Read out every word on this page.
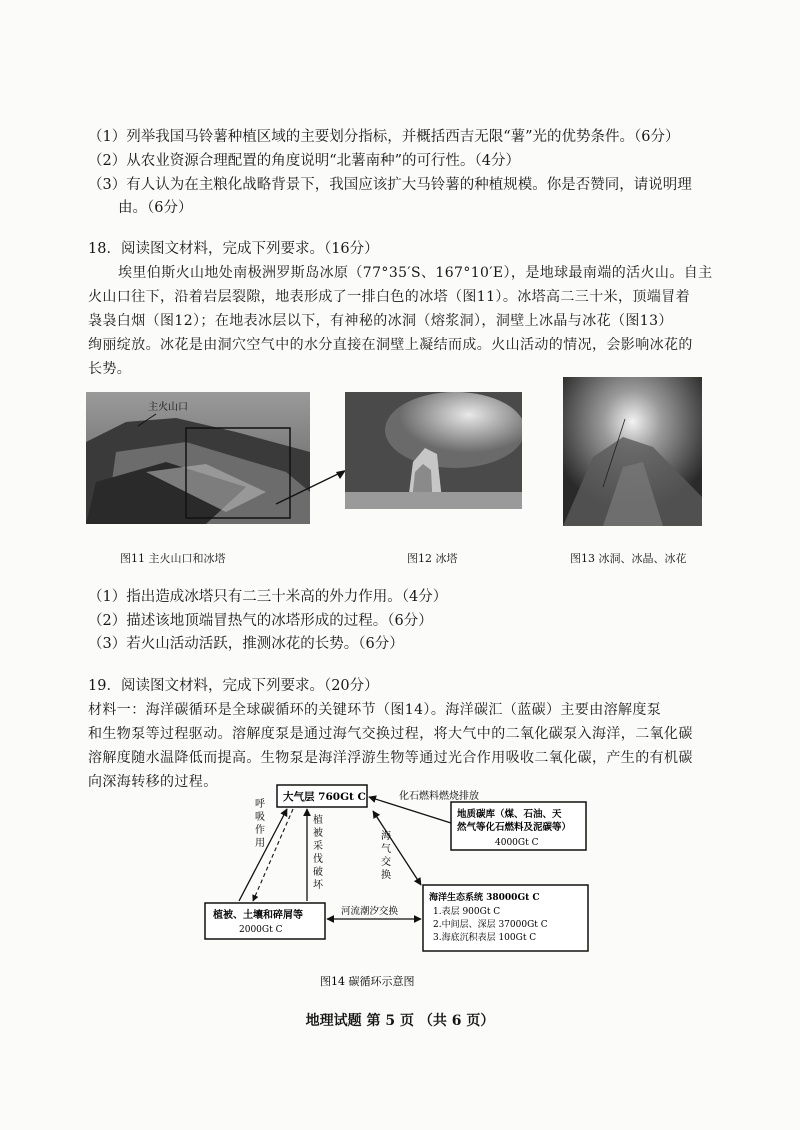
（1）列举我国马铃薯种植区域的主要划分指标，并概括西吉无限“薯”光的优势条件。（6分）
（2）从农业资源合理配置的角度说明“北薯南种”的可行性。（4分）
（3）有人认为在主粮化战略背景下，我国应该扩大马铃薯的种植规模。你是否赞同，请说明理
由。（6分）
18．阅读图文材料，完成下列要求。（16分）
埃里伯斯火山地处南极洲罗斯岛冰原（77°35′S、167°10′E），是地球最南端的活火山。自主
火山口往下，沿着岩层裂隙，地表形成了一排白色的冰塔（图11）。冰塔高二三十米，顶端冒着
袅袅白烟（图12）；在地表冰层以下，有神秘的冰洞（熔浆洞），洞壁上冰晶与冰花（图13）
绚丽绽放。冰花是由洞穴空气中的水分直接在洞壁上凝结而成。火山活动的情况，会影响冰花的
长势。
主火山口
图11 主火山口和冰塔	图12 冰塔	图13 冰洞、冰晶、冰花
（1）指出造成冰塔只有二三十米高的外力作用。（4分）
（2）描述该地顶端冒热气的冰塔形成的过程。（6分）
（3）若火山活动活跃，推测冰花的长势。（6分）
19．阅读图文材料，完成下列要求。（20分）
材料一：海洋碳循环是全球碳循环的关键环节（图14）。海洋碳汇（蓝碳）主要由溶解度泵
和生物泵等过程驱动。溶解度泵是通过海气交换过程，将大气中的二氧化碳泵入海洋，二氧化碳
溶解度随水温降低而提高。生物泵是海洋浮游生物等通过光合作用吸收二氧化碳，产生的有机碳
向深海转移的过程。
大气层 760Gt C
地质碳库（煤、石油、天
然气等化石燃料及泥碳等）
4000Gt C
植被、土壤和碎屑等
2000Gt C
海洋生态系统 38000Gt C
1.表层 900Gt C
2.中间层、深层 37000Gt C
3.海底沉积表层 100Gt C
化石燃料燃烧排放
呼
吸
作
用
植
被
采
伐
破
坏
海
气
交
换
河流潮汐交换
图14 碳循环示意图
地理试题 第 5 页 （共 6 页）
